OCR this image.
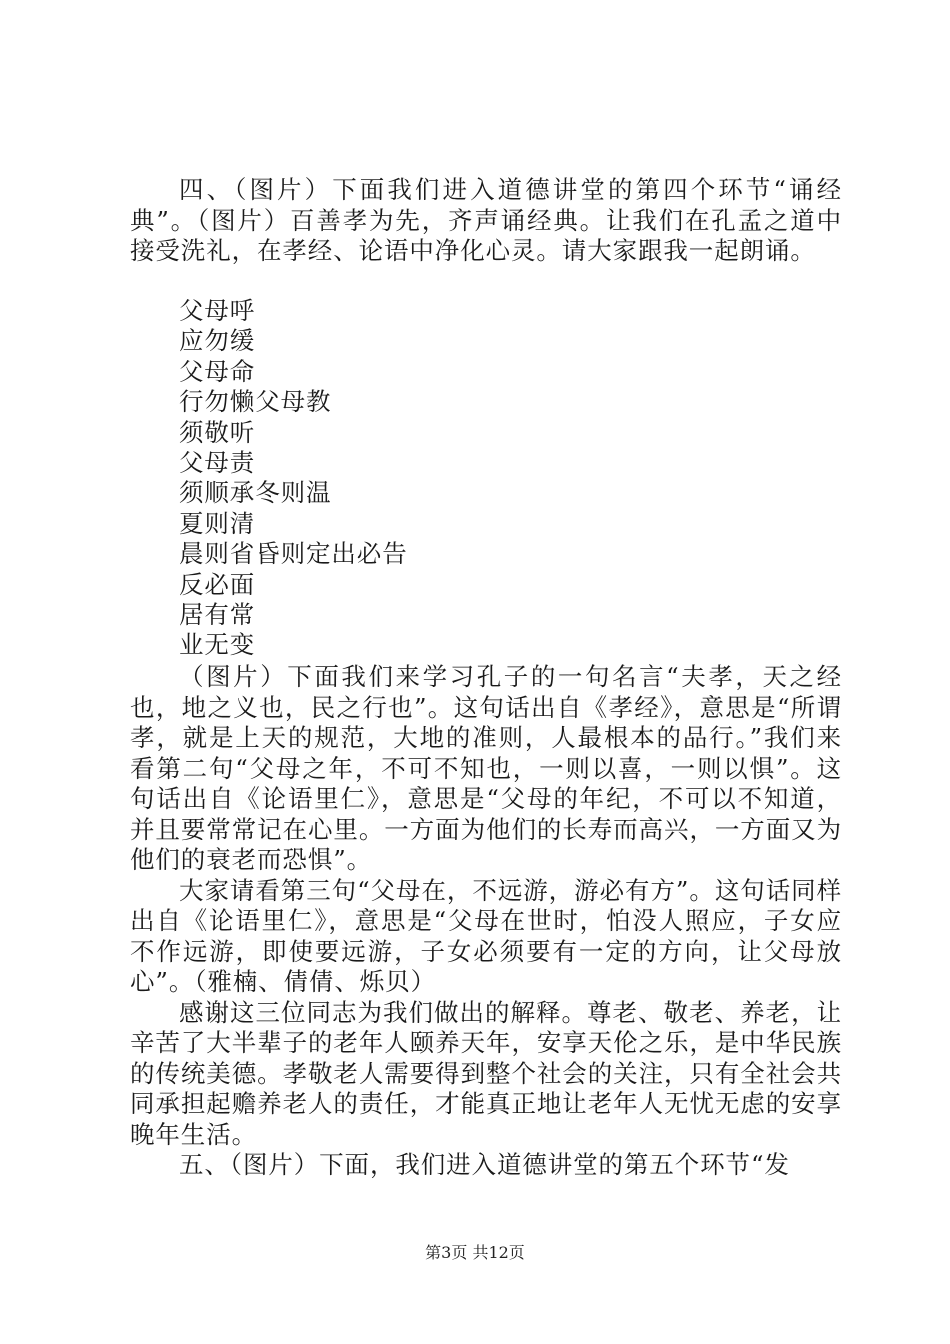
四、（图片）下面我们进入道德讲堂的第四个环节“诵经典”。（图片）百善孝为先，齐声诵经典。让我们在孔孟之道中接受洗礼，在孝经、论语中净化心灵。请大家跟我一起朗诵。

父母呼
应勿缓
父母命
行勿懒父母教
须敬听
父母责
须顺承冬则温
夏则清
晨则省昏则定出必告
反必面
居有常
业无变

（图片）下面我们来学习孔子的一句名言“夫孝，天之经也，地之义也，民之行也”。这句话出自《孝经》，意思是“所谓孝，就是上天的规范，大地的准则，人最根本的品行。”我们来看第二句“父母之年，不可不知也，一则以喜，一则以惧”。这句话出自《论语里仁》，意思是“父母的年纪，不可以不知道，并且要常常记在心里。一方面为他们的长寿而高兴，一方面又为他们的衰老而恐惧”。

大家请看第三句“父母在，不远游，游必有方”。这句话同样出自《论语里仁》，意思是“父母在世时，怕没人照应，子女应不作远游，即使要远游，子女必须要有一定的方向，让父母放心”。（雅楠、倩倩、烁贝）

感谢这三位同志为我们做出的解释。尊老、敬老、养老，让辛苦了大半辈子的老年人颐养天年，安享天伦之乐，是中华民族的传统美德。孝敬老人需要得到整个社会的关注，只有全社会共同承担起赡养老人的责任，才能真正地让老年人无忧无虑的安享晚年生活。

五、（图片）下面，我们进入道德讲堂的第五个环节“发

第3页 共12页
